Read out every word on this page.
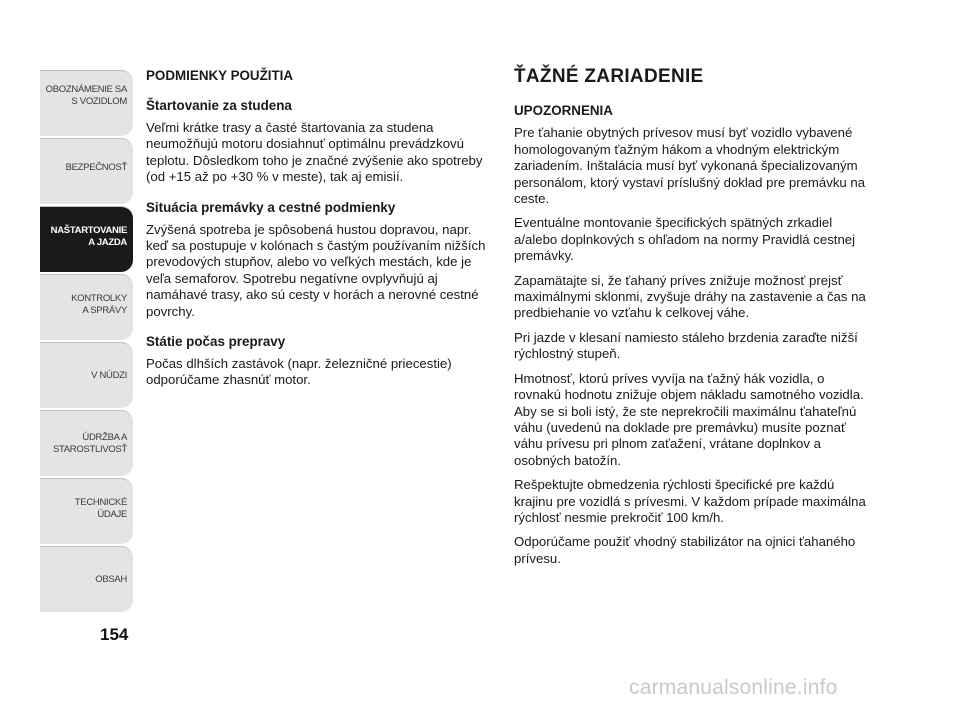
OBOZNÁMENIE SA
S VOZIDLOM
BEZPEČNOSŤ
NAŠTARTOVANIE
A JAZDA
KONTROLKY
A SPRÁVY
V NÚDZI
ÚDRŽBA A
STAROSTLIVOSŤ
TECHNICKÉ
ÚDAJE
OBSAH
154
PODMIENKY POUŽITIA
Štartovanie za studena

Veľmi krátke trasy a časté štartovania za studena neumožňujú motoru dosiahnuť optimálnu prevádzkovú teplotu. Dôsledkom toho je značné zvýšenie ako spotreby (od +15 až po +30 % v meste), tak aj emisií.

Situácia premávky a cestné podmienky

Zvýšená spotreba je spôsobená hustou dopravou, napr. keď sa postupuje v kolónach s častým používaním nižších prevodových stupňov, alebo vo veľkých mestách, kde je veľa semaforov. Spotrebu negatívne ovplyvňujú aj namáhavé trasy, ako sú cesty v horách a nerovné cestné povrchy.

Státie počas prepravy

Počas dlhších zastávok (napr. železničné priecestie) odporúčame zhasnúť motor.

ŤAŽNÉ ZARIADENIE
UPOZORNENIA

Pre ťahanie obytných prívesov musí byť vozidlo vybavené homologovaným ťažným hákom a vhodným elektrickým zariadením. Inštalácia musí byť vykonaná špecializovaným personálom, ktorý vystaví príslušný doklad pre premávku na ceste.

Eventuálne montovanie špecifických spätných zrkadiel a/alebo doplnkových s ohľadom na normy Pravidlá cestnej premávky.

Zapamätajte si, že ťahaný príves znižuje možnosť prejsť maximálnymi sklonmi, zvyšuje dráhy na zastavenie a čas na predbiehanie vo vzťahu k celkovej váhe.

Pri jazde v klesaní namiesto stáleho brzdenia zaraďte nižší rýchlostný stupeň.

Hmotnosť, ktorú príves vyvíja na ťažný hák vozidla, o rovnakú hodnotu znižuje objem nákladu samotného vozidla. Aby se si boli istý, že ste neprekročili maximálnu ťahateľnú váhu (uvedenú na doklade pre premávku) musíte poznať váhu prívesu pri plnom zaťažení, vrátane doplnkov a osobných batožín.

Rešpektujte obmedzenia rýchlosti špecifické pre každú krajinu pre vozidlá s prívesmi. V každom prípade maximálna rýchlosť nesmie prekročiť 100 km/h.

Odporúčame použiť vhodný stabilizátor na ojnici ťahaného prívesu.

carmanualsonline.info
